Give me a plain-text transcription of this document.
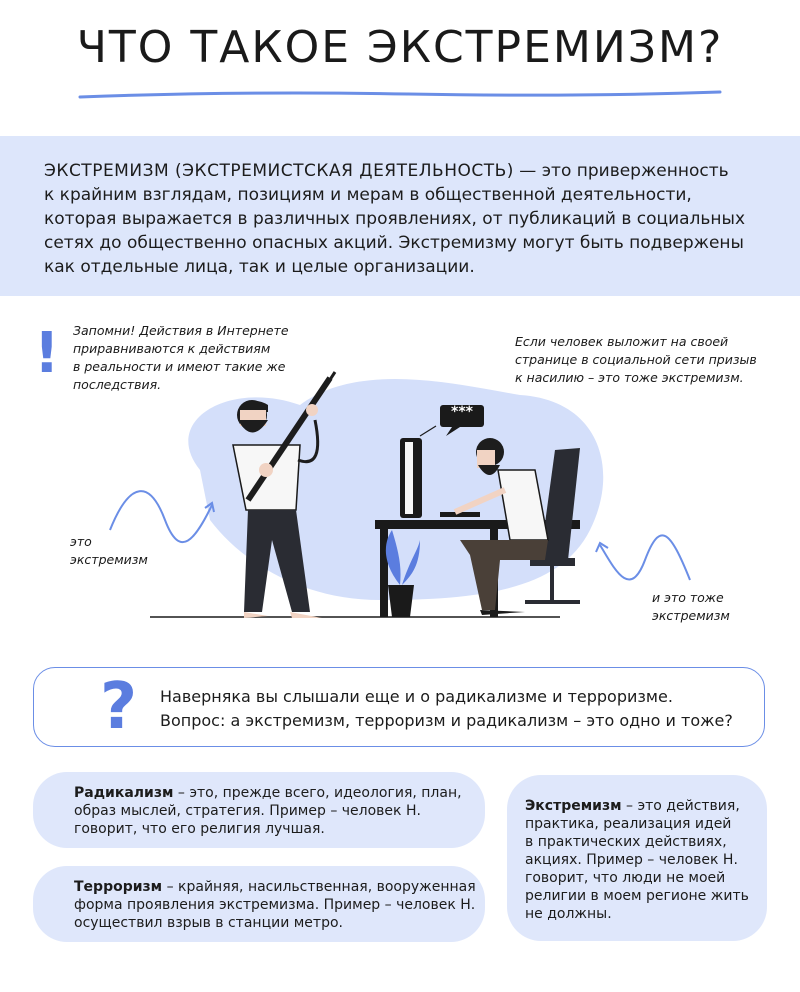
ЧТО ТАКОЕ ЭКСТРЕМИЗМ?
ЭКСТРЕМИЗМ (ЭКСТРЕМИСТСКАЯ ДЕЯТЕЛЬНОСТЬ) — это приверженность
к крайним взглядам, позициям и мерам в общественной деятельности,
которая выражается в различных проявлениях, от публикаций в социальных
сетях до общественно опасных акций. Экстремизму могут быть подвержены
как отдельные лица, так и целые организации.
***
! Запомни! Действия в Интернете
приравниваются к действиям
в реальности и имеют такие же
последствия.
Если человек выложит на своей
странице в социальной сети призыв
к насилию – это тоже экстремизм.
это
экстремизм
и это тоже
экстремизм
? Наверняка вы слышали еще и о радикализме и терроризме.
Вопрос: а экстремизм, терроризм и радикализм – это одно и тоже?
Радикализм – это, прежде всего, идеология, план,
образ мыслей, стратегия. Пример – человек Н.
говорит, что его религия лучшая.
Терроризм – крайняя, насильственная, вооруженная
форма проявления экстремизма. Пример – человек Н.
осуществил взрыв в станции метро.
Экстремизм – это действия,
практика, реализация идей
в практических действиях,
акциях. Пример – человек Н.
говорит, что люди не моей
религии в моем регионе жить
не должны.
